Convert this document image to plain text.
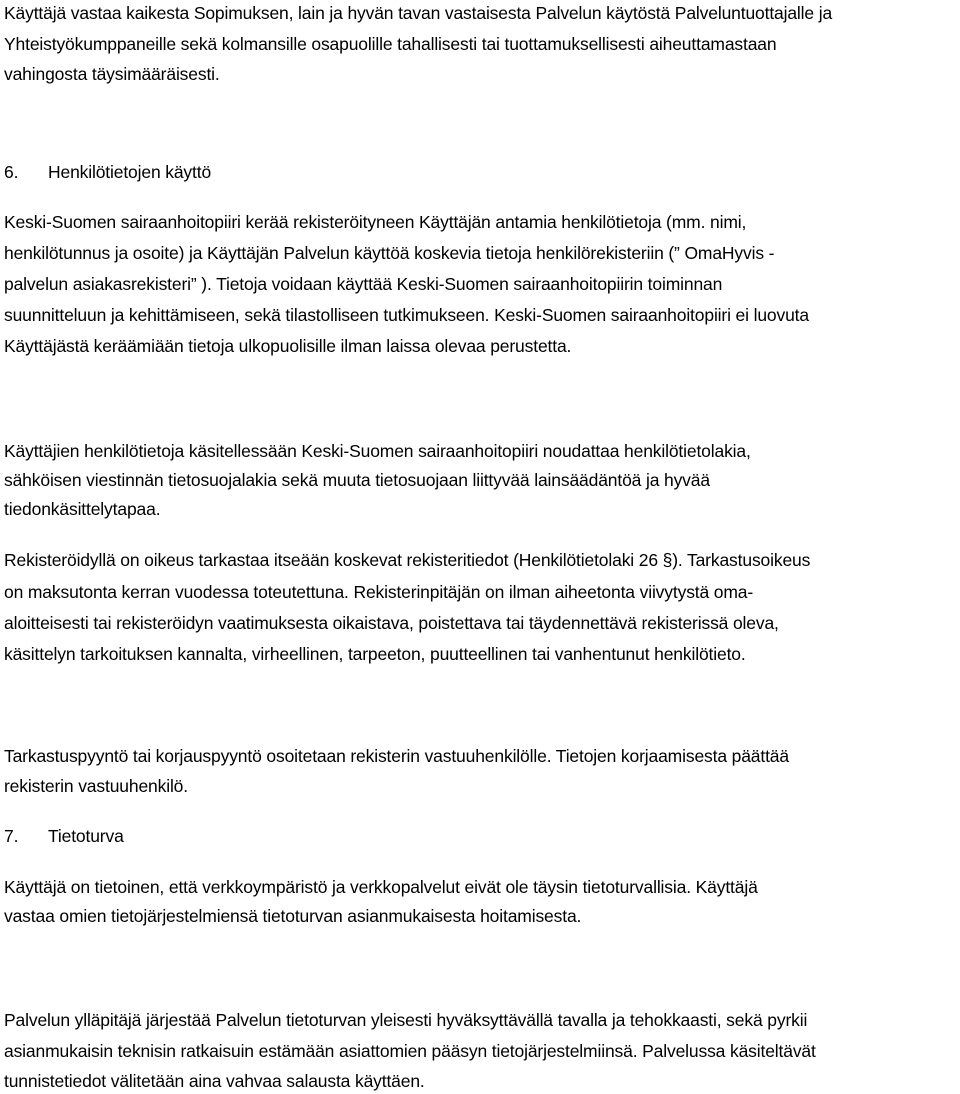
Käyttäjä vastaa kaikesta Sopimuksen, lain ja hyvän tavan vastaisesta Palvelun käytöstä Palveluntuottajalle ja
Yhteistyökumppaneille sekä kolmansille osapuolille tahallisesti tai tuottamuksellisesti aiheuttamastaan
vahingosta täysimääräisesti.
6. Henkilötietojen käyttö
Keski-Suomen sairaanhoitopiiri kerää rekisteröityneen Käyttäjän antamia henkilötietoja (mm. nimi,
henkilötunnus ja osoite) ja Käyttäjän Palvelun käyttöä koskevia tietoja henkilörekisteriin (” OmaHyvis -
palvelun asiakasrekisteri” ). Tietoja voidaan käyttää Keski-Suomen sairaanhoitopiirin toiminnan
suunnitteluun ja kehittämiseen, sekä tilastolliseen tutkimukseen. Keski-Suomen sairaanhoitopiiri ei luovuta
Käyttäjästä keräämiään tietoja ulkopuolisille ilman laissa olevaa perustetta.
Käyttäjien henkilötietoja käsitellessään Keski-Suomen sairaanhoitopiiri noudattaa henkilötietolakia,
sähköisen viestinnän tietosuojalakia sekä muuta tietosuojaan liittyvää lainsäädäntöä ja hyvää
tiedonkäsittelytapaa.
Rekisteröidyllä on oikeus tarkastaa itseään koskevat rekisteritiedot (Henkilötietolaki 26 §). Tarkastusoikeus
on maksutonta kerran vuodessa toteutettuna. Rekisterinpitäjän on ilman aiheetonta viivytystä oma-
aloitteisesti tai rekisteröidyn vaatimuksesta oikaistava, poistettava tai täydennettävä rekisterissä oleva,
käsittelyn tarkoituksen kannalta, virheellinen, tarpeeton, puutteellinen tai vanhentunut henkilötieto.
Tarkastuspyyntö tai korjauspyyntö osoitetaan rekisterin vastuuhenkilölle. Tietojen korjaamisesta päättää
rekisterin vastuuhenkilö.
7. Tietoturva
Käyttäjä on tietoinen, että verkkoympäristö ja verkkopalvelut eivät ole täysin tietoturvallisia. Käyttäjä
vastaa omien tietojärjestelmiensä tietoturvan asianmukaisesta hoitamisesta.
Palvelun ylläpitäjä järjestää Palvelun tietoturvan yleisesti hyväksyttävällä tavalla ja tehokkaasti, sekä pyrkii
asianmukaisin teknisin ratkaisuin estämään asiattomien pääsyn tietojärjestelmiinsä. Palvelussa käsiteltävät
tunnistetiedot välitetään aina vahvaa salausta käyttäen.
